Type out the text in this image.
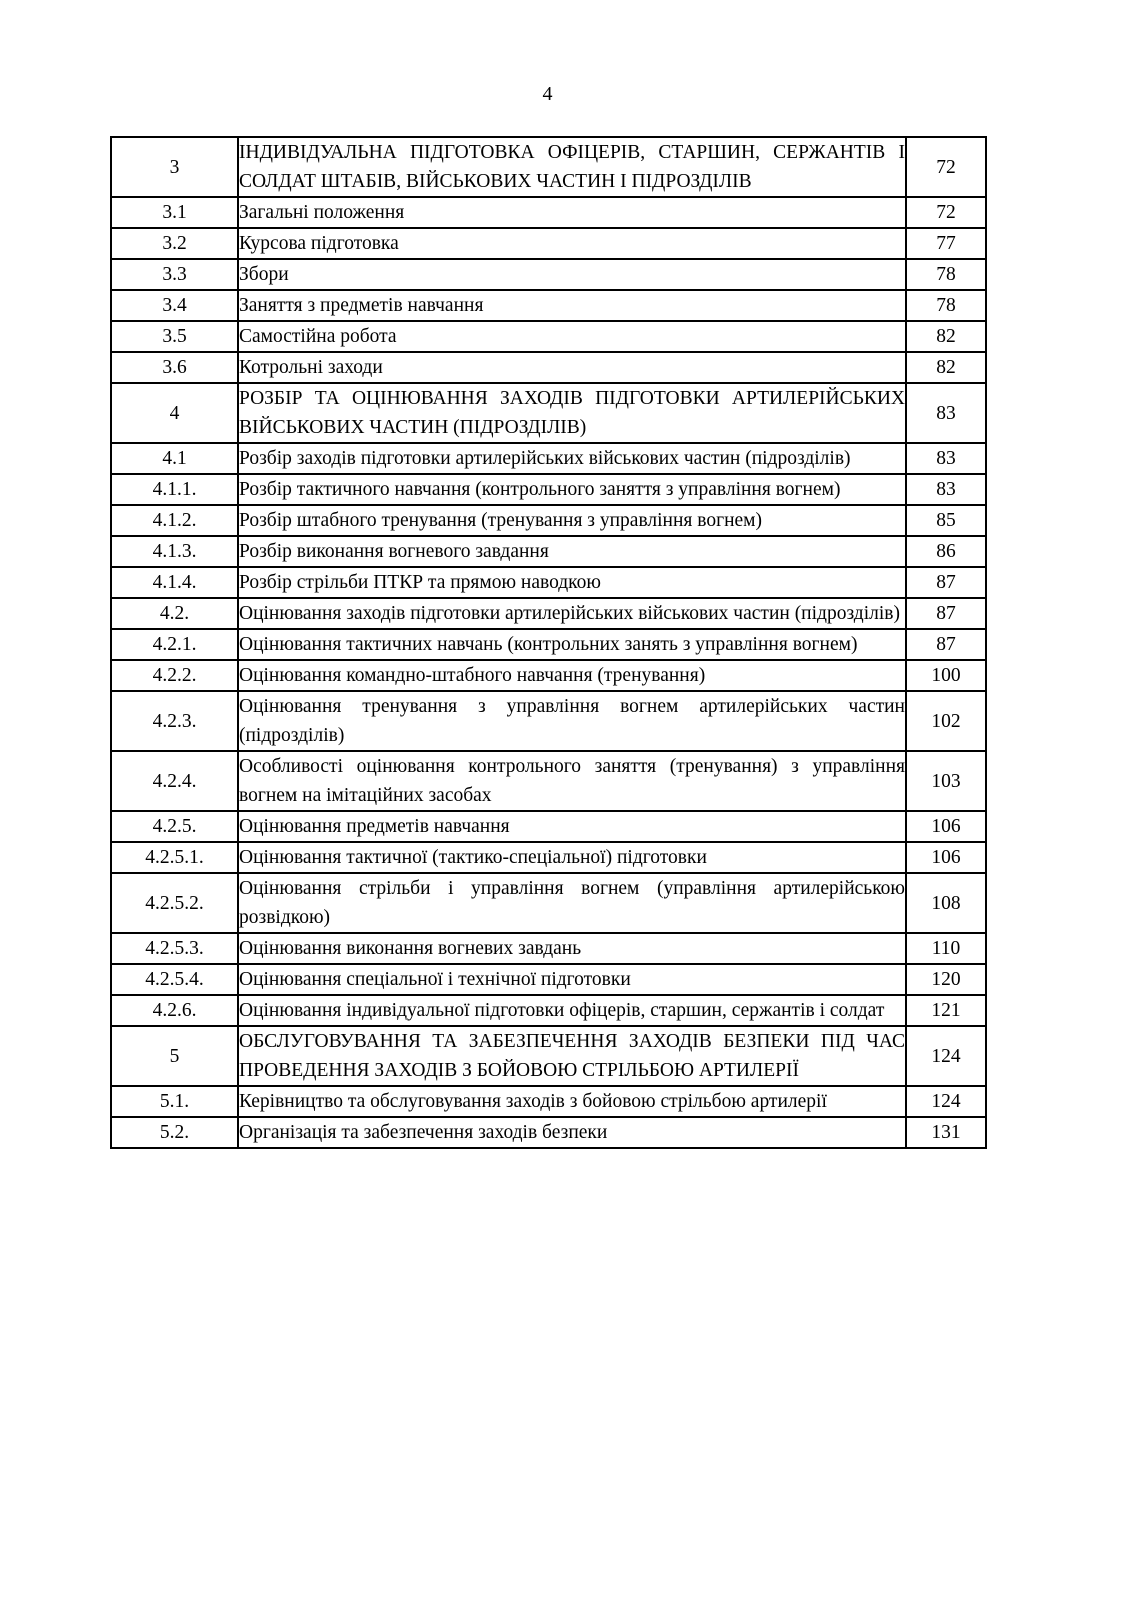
4
3	ІНДИВІДУАЛЬНА ПІДГОТОВКА ОФІЦЕРІВ, СТАРШИН, СЕРЖАНТІВ І СОЛДАТ ШТАБІВ, ВІЙСЬКОВИХ ЧАСТИН І ПІДРОЗДІЛІВ	72
3.1	Загальні положення	72
3.2	Курсова підготовка	77
3.3	Збори	78
3.4	Заняття з предметів навчання	78
3.5	Самостійна робота	82
3.6	Котрольні заходи	82
4	РОЗБІР ТА ОЦІНЮВАННЯ ЗАХОДІВ ПІДГОТОВКИ АРТИЛЕРІЙСЬКИХ ВІЙСЬКОВИХ ЧАСТИН (ПІДРОЗДІЛІВ)	83
4.1	Розбір заходів підготовки артилерійських військових частин (підрозділів)	83
4.1.1.	Розбір тактичного навчання (контрольного заняття з управління вогнем)	83
4.1.2.	Розбір штабного тренування (тренування з управління вогнем)	85
4.1.3.	Розбір виконання вогневого завдання	86
4.1.4.	Розбір стрільби ПТКР та прямою наводкою	87
4.2.	Оцінювання заходів підготовки артилерійських військових частин (підрозділів)	87
4.2.1.	Оцінювання тактичних навчань (контрольних занять з управління вогнем)	87
4.2.2.	Оцінювання командно-штабного навчання (тренування)	100
4.2.3.	Оцінювання тренування з управління вогнем артилерійських частин (підрозділів)	102
4.2.4.	Особливості оцінювання контрольного заняття (тренування) з управління вогнем на імітаційних засобах	103
4.2.5.	Оцінювання предметів навчання	106
4.2.5.1.	Оцінювання тактичної (тактико-спеціальної) підготовки	106
4.2.5.2.	Оцінювання стрільби і управління вогнем (управління артилерійською розвідкою)	108
4.2.5.3.	Оцінювання виконання вогневих завдань	110
4.2.5.4.	Оцінювання спеціальної і технічної підготовки	120
4.2.6.	Оцінювання індивідуальної підготовки офіцерів, старшин, сержантів і солдат	121
5	ОБСЛУГОВУВАННЯ ТА ЗАБЕЗПЕЧЕННЯ ЗАХОДІВ БЕЗПЕКИ ПІД ЧАС ПРОВЕДЕННЯ ЗАХОДІВ З БОЙОВОЮ СТРІЛЬБОЮ АРТИЛЕРІЇ	124
5.1.	Керівництво та обслуговування заходів з бойовою стрільбою артилерії	124
5.2.	Організація та забезпечення заходів безпеки	131
